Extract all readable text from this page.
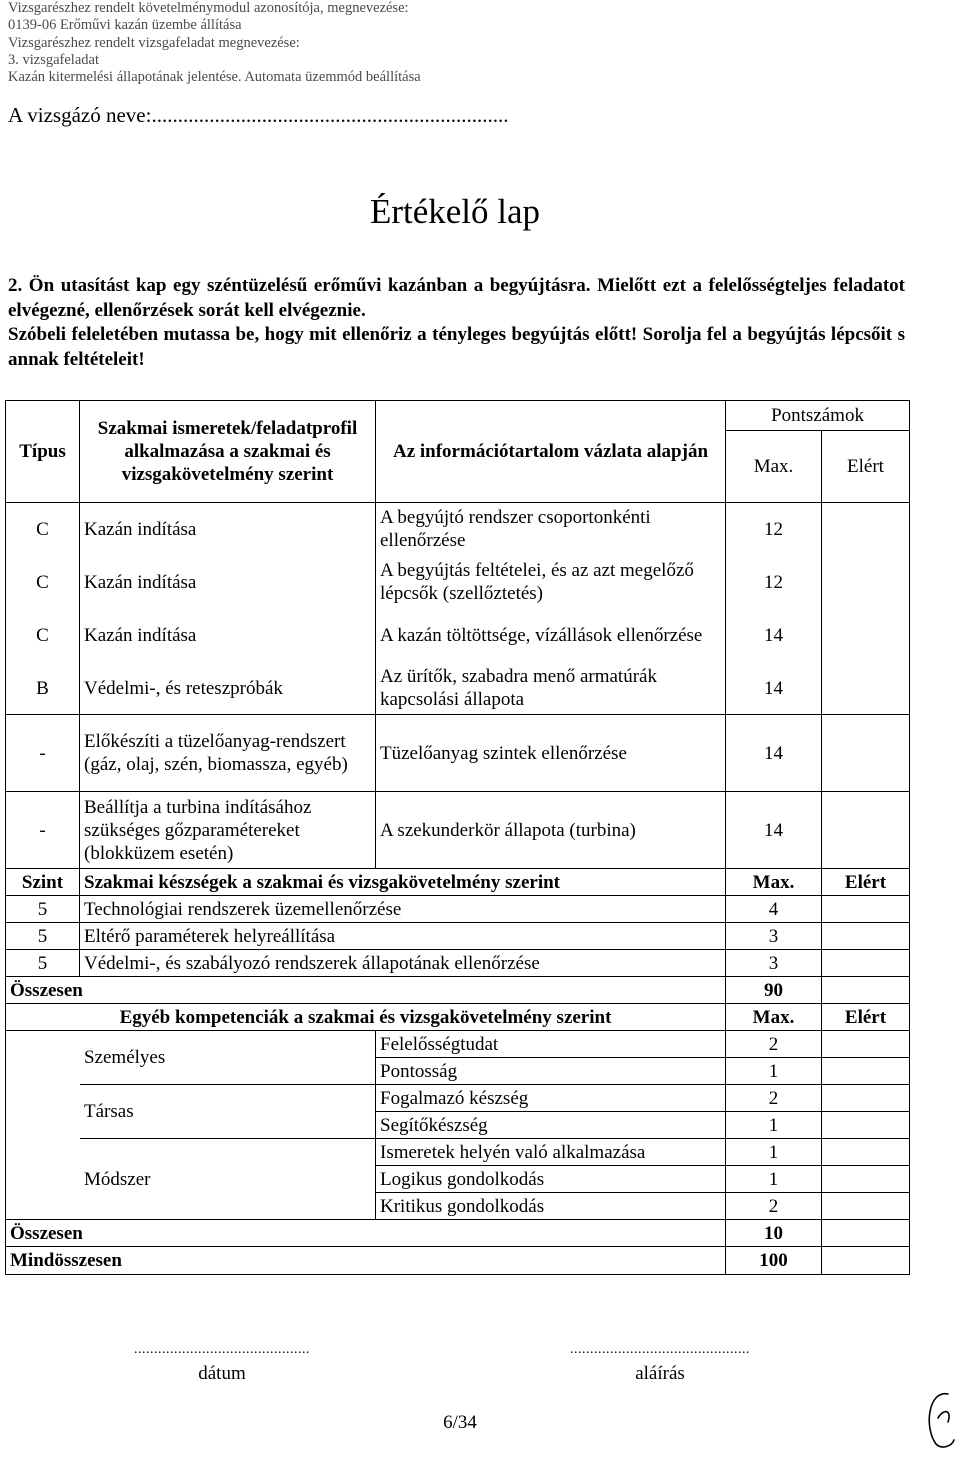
Vizsgarészhez rendelt követelménymodul azonosítója, megnevezése:
0139-06 Erőművi kazán üzembe állítása
Vizsgarészhez rendelt vizsgafeladat megnevezése:
3. vizsgafeladat
Kazán kitermelési állapotának jelentése. Automata üzemmód beállítása
A vizsgázó neve:....................................................................
Értékelő lap

2. Ön utasítást kap egy széntüzelésű erőművi kazánban a begyújtásra. Mielőtt ezt a felelősségteljes feladatot elvégezné, ellenőrzések sorát kell elvégeznie.

Szóbeli feleletében mutassa be, hogy mit ellenőriz a tényleges begyújtás előtt! Sorolja fel a begyújtás lépcsőit s annak feltételeit!

Típus	Szakmai ismeretek/feladatprofil alkalmazása a szakmai és vizsgakövetelmény szerint	Az információtartalom vázlata alapján	Pontszámok	
			Max.	Elért
C	Kazán indítása	A begyújtó rendszer csoportonkénti ellenőrzése	12	
C	Kazán indítása	A begyújtás feltételei, és az azt megelőző lépcsők (szellőztetés)	12	
C	Kazán indítása	A kazán töltöttsége, vízállások ellenőrzése	14	
B	Védelmi-, és reteszpróbák	Az ürítők, szabadra menő armatúrák kapcsolási állapota	14	
-	Előkészíti a tüzelőanyag-rendszert (gáz, olaj, szén, biomassza, egyéb)	Tüzelőanyag szintek ellenőrzése	14	
-	Beállítja a turbina indításához szükséges gőzparamétereket (blokküzem esetén)	A szekunderkör állapota (turbina)	14	
Szint	Szakmai készségek a szakmai és vizsgakövetelmény szerint		Max.	Elért
5	Technológiai rendszerek üzemellenőrzése		4	
5	Eltérő paraméterek helyreállítása		3	
5	Védelmi-, és szabályozó rendszerek állapotának ellenőrzése		3	
Összesen			90	
Egyéb kompetenciák a szakmai és vizsgakövetelmény szerint			Max.	Elért
	Személyes	Felelősségtudat	2	
		Pontosság	1	
	Társas	Fogalmazó készség	2	
		Segítőkészség	1	
	Módszer	Ismeretek helyén való alkalmazása	1	
		Logikus gondolkodás	1	
		Kritikus gondolkodás	2	
Összesen			10	
Mindösszesen			100	
............................................
dátum
.............................................
aláírás
6/34
